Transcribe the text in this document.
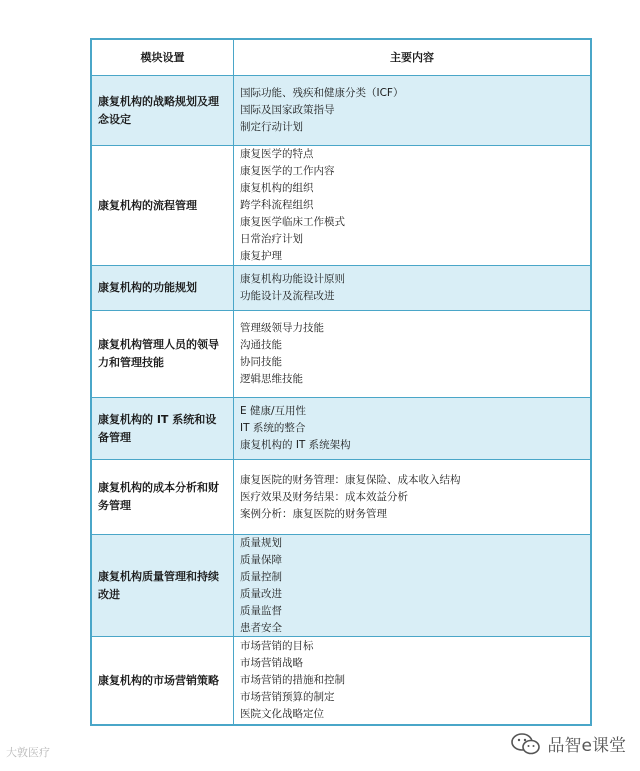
模块设置	主要内容
康复机构的战略规划及理念设定
国际功能、残疾和健康分类（ICF）
国际及国家政策指导
制定行动计划
康复机构的流程管理
康复医学的特点
康复医学的工作内容
康复机构的组织
跨学科流程组织
康复医学临床工作模式
日常治疗计划
康复护理
康复机构的功能规划
康复机构功能设计原则
功能设计及流程改进
康复机构管理人员的领导力和管理技能
管理级领导力技能
沟通技能
协同技能
逻辑思维技能
康复机构的 IT 系统和设备管理
E 健康/互用性
IT 系统的整合
康复机构的 IT 系统架构
康复机构的成本分析和财务管理
康复医院的财务管理：康复保险、成本收入结构
医疗效果及财务结果：成本效益分析
案例分析：康复医院的财务管理
康复机构质量管理和持续改进
质量规划
质量保障
质量控制
质量改进
质量监督
患者安全
康复机构的市场营销策略
市场营销的目标
市场营销战略
市场营销的措施和控制
市场营销预算的制定
医院文化战略定位
大敦医疗	品智e课堂
